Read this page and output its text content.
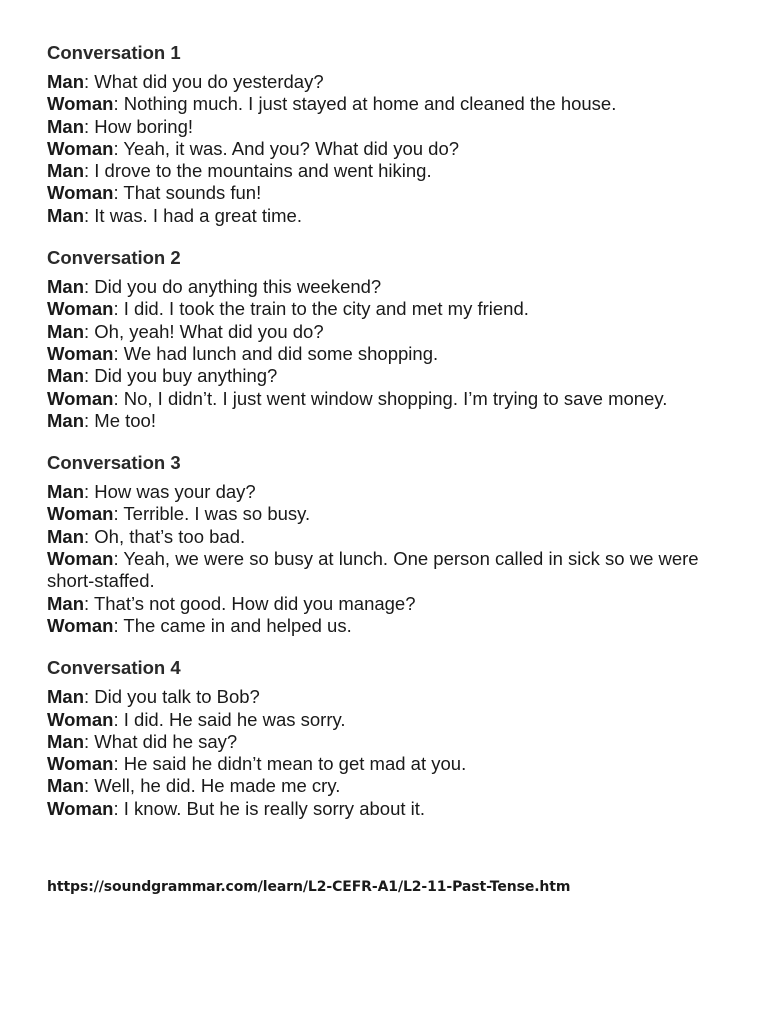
Conversation 1

Man: What did you do yesterday?

Woman: Nothing much. I just stayed at home and cleaned the house.

Man: How boring!

Woman: Yeah, it was. And you? What did you do?

Man: I drove to the mountains and went hiking.

Woman: That sounds fun!

Man: It was. I had a great time.

Conversation 2

Man: Did you do anything this weekend?

Woman: I did. I took the train to the city and met my friend.

Man: Oh, yeah! What did you do?

Woman: We had lunch and did some shopping.

Man: Did you buy anything?

Woman: No, I didn’t. I just went window shopping. I’m trying to save money.

Man: Me too!

Conversation 3

Man: How was your day?

Woman: Terrible. I was so busy.

Man: Oh, that’s too bad.

Woman: Yeah, we were so busy at lunch. One person called in sick so we were short-staffed.

Man: That’s not good. How did you manage?

Woman: The came in and helped us.

Conversation 4

Man: Did you talk to Bob?

Woman: I did. He said he was sorry.

Man: What did he say?

Woman: He said he didn’t mean to get mad at you.

Man: Well, he did. He made me cry.

Woman: I know. But he is really sorry about it.

https://soundgrammar.com/learn/L2-CEFR-A1/L2-11-Past-Tense.htm
